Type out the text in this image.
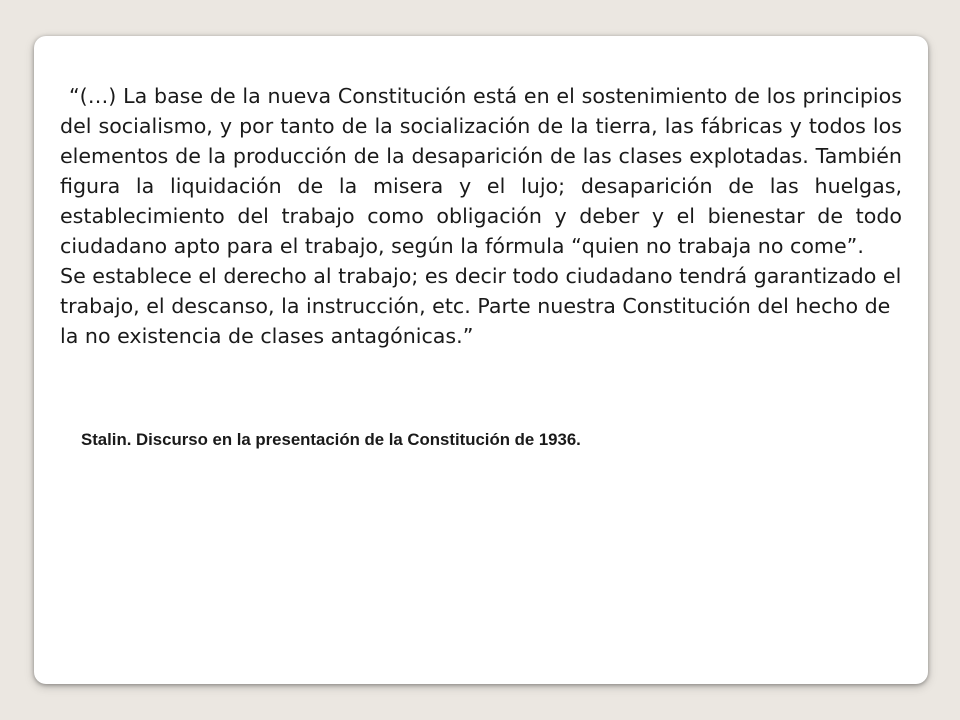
“(…) La base de la nueva Constitución está en el sostenimiento de los principios del socialismo, y por tanto de la socialización de la tierra, las fábricas y todos los elementos de la producción de la desaparición de las clases explotadas. También figura la liquidación de la misera y el lujo; desaparición de las huelgas, establecimiento del trabajo como obligación y deber y el bienestar de todo ciudadano apto para el trabajo, según la fórmula “quien no trabaja no come”.

Se establece el derecho al trabajo; es decir todo ciudadano tendrá garantizado el trabajo, el descanso, la instrucción, etc. Parte nuestra Constitución del hecho de la no existencia de clases antagónicas.”

Stalin. Discurso en la presentación de la Constitución de 1936.
